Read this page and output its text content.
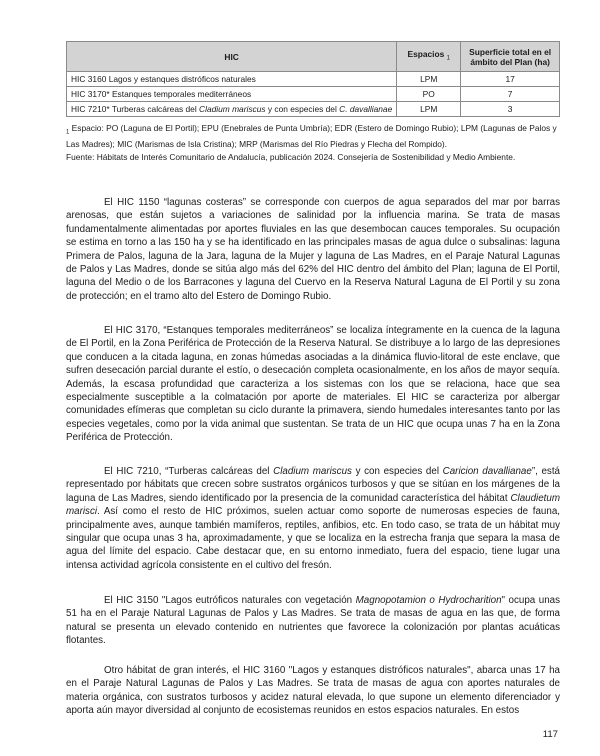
HIC	Espacios $_1$	Superficie total en el
ámbito del Plan (ha)
HIC 3160 Lagos y estanques distróficos naturales	LPM	17
HIC 3170* Estanques temporales mediterráneos	PO	7
HIC 7210* Turberas calcáreas del Cladium mariscus y con especies del C. davallianae	LPM	3
$_1$ Espacio: PO (Laguna de El Portil); EPU (Enebrales de Punta Umbría); EDR (Estero de Domingo Rubio); LPM (Lagunas de Palos y Las Madres); MIC (Marismas de Isla Cristina); MRP (Marismas del Río Piedras y Flecha del Rompido).
Fuente: Hábitats de Interés Comunitario de Andalucía, publicación 2024. Consejería de Sostenibilidad y Medio Ambiente.

El HIC 1150 “lagunas costeras” se corresponde con cuerpos de agua separados del mar por barras arenosas, que están sujetos a variaciones de salinidad por la influencia marina. Se trata de masas fundamentalmente alimentadas por aportes fluviales en las que desembocan cauces temporales. Su ocupación se estima en torno a las 150 ha y se ha identificado en las principales masas de agua dulce o subsalinas: laguna Primera de Palos, laguna de la Jara, laguna de la Mujer y laguna de Las Madres, en el Paraje Natural Lagunas de Palos y Las Madres, donde se sitúa algo más del 62% del HIC dentro del ámbito del Plan; laguna de El Portil, laguna del Medio o de los Barracones y laguna del Cuervo en la Reserva Natural Laguna de El Portil y su zona de protección; en el tramo alto del Estero de Domingo Rubio.

El HIC 3170, “Estanques temporales mediterráneos” se localiza íntegramente en la cuenca de la laguna de El Portil, en la Zona Periférica de Protección de la Reserva Natural. Se distribuye a lo largo de las depresiones que conducen a la citada laguna, en zonas húmedas asociadas a la dinámica fluvio-litoral de este enclave, que sufren desecación parcial durante el estío, o desecación completa ocasionalmente, en los años de mayor sequía. Además, la escasa profundidad que caracteriza a los sistemas con los que se relaciona, hace que sea especialmente susceptible a la colmatación por aporte de materiales. El HIC se caracteriza por albergar comunidades efímeras que completan su ciclo durante la primavera, siendo humedales interesantes tanto por las especies vegetales, como por la vida animal que sustentan. Se trata de un HIC que ocupa unas 7 ha en la Zona Periférica de Protección.

El HIC 7210, “Turberas calcáreas del Cladium mariscus y con especies del Caricion davallianae”, está representado por hábitats que crecen sobre sustratos orgánicos turbosos y que se sitúan en los márgenes de la laguna de Las Madres, siendo identificado por la presencia de la comunidad característica del hábitat Claudietum marisci. Así como el resto de HIC próximos, suelen actuar como soporte de numerosas especies de fauna, principalmente aves, aunque también mamíferos, reptiles, anfibios, etc. En todo caso, se trata de un hábitat muy singular que ocupa unas 3 ha, aproximadamente, y que se localiza en la estrecha franja que separa la masa de agua del límite del espacio. Cabe destacar que, en su entorno inmediato, fuera del espacio, tiene lugar una intensa actividad agrícola consistente en el cultivo del fresón.

El HIC 3150 "Lagos eutróficos naturales con vegetación Magnopotamion o Hydrocharition" ocupa unas 51 ha en el Paraje Natural Lagunas de Palos y Las Madres. Se trata de masas de agua en las que, de forma natural se presenta un elevado contenido en nutrientes que favorece la colonización por plantas acuáticas flotantes.

Otro hábitat de gran interés, el HIC 3160 "Lagos y estanques distróficos naturales", abarca unas 17 ha en el Paraje Natural Lagunas de Palos y Las Madres. Se trata de masas de agua con aportes naturales de materia orgánica, con sustratos turbosos y acidez natural elevada, lo que supone un elemento diferenciador y aporta aún mayor diversidad al conjunto de ecosistemas reunidos en estos espacios naturales. En estos

117
